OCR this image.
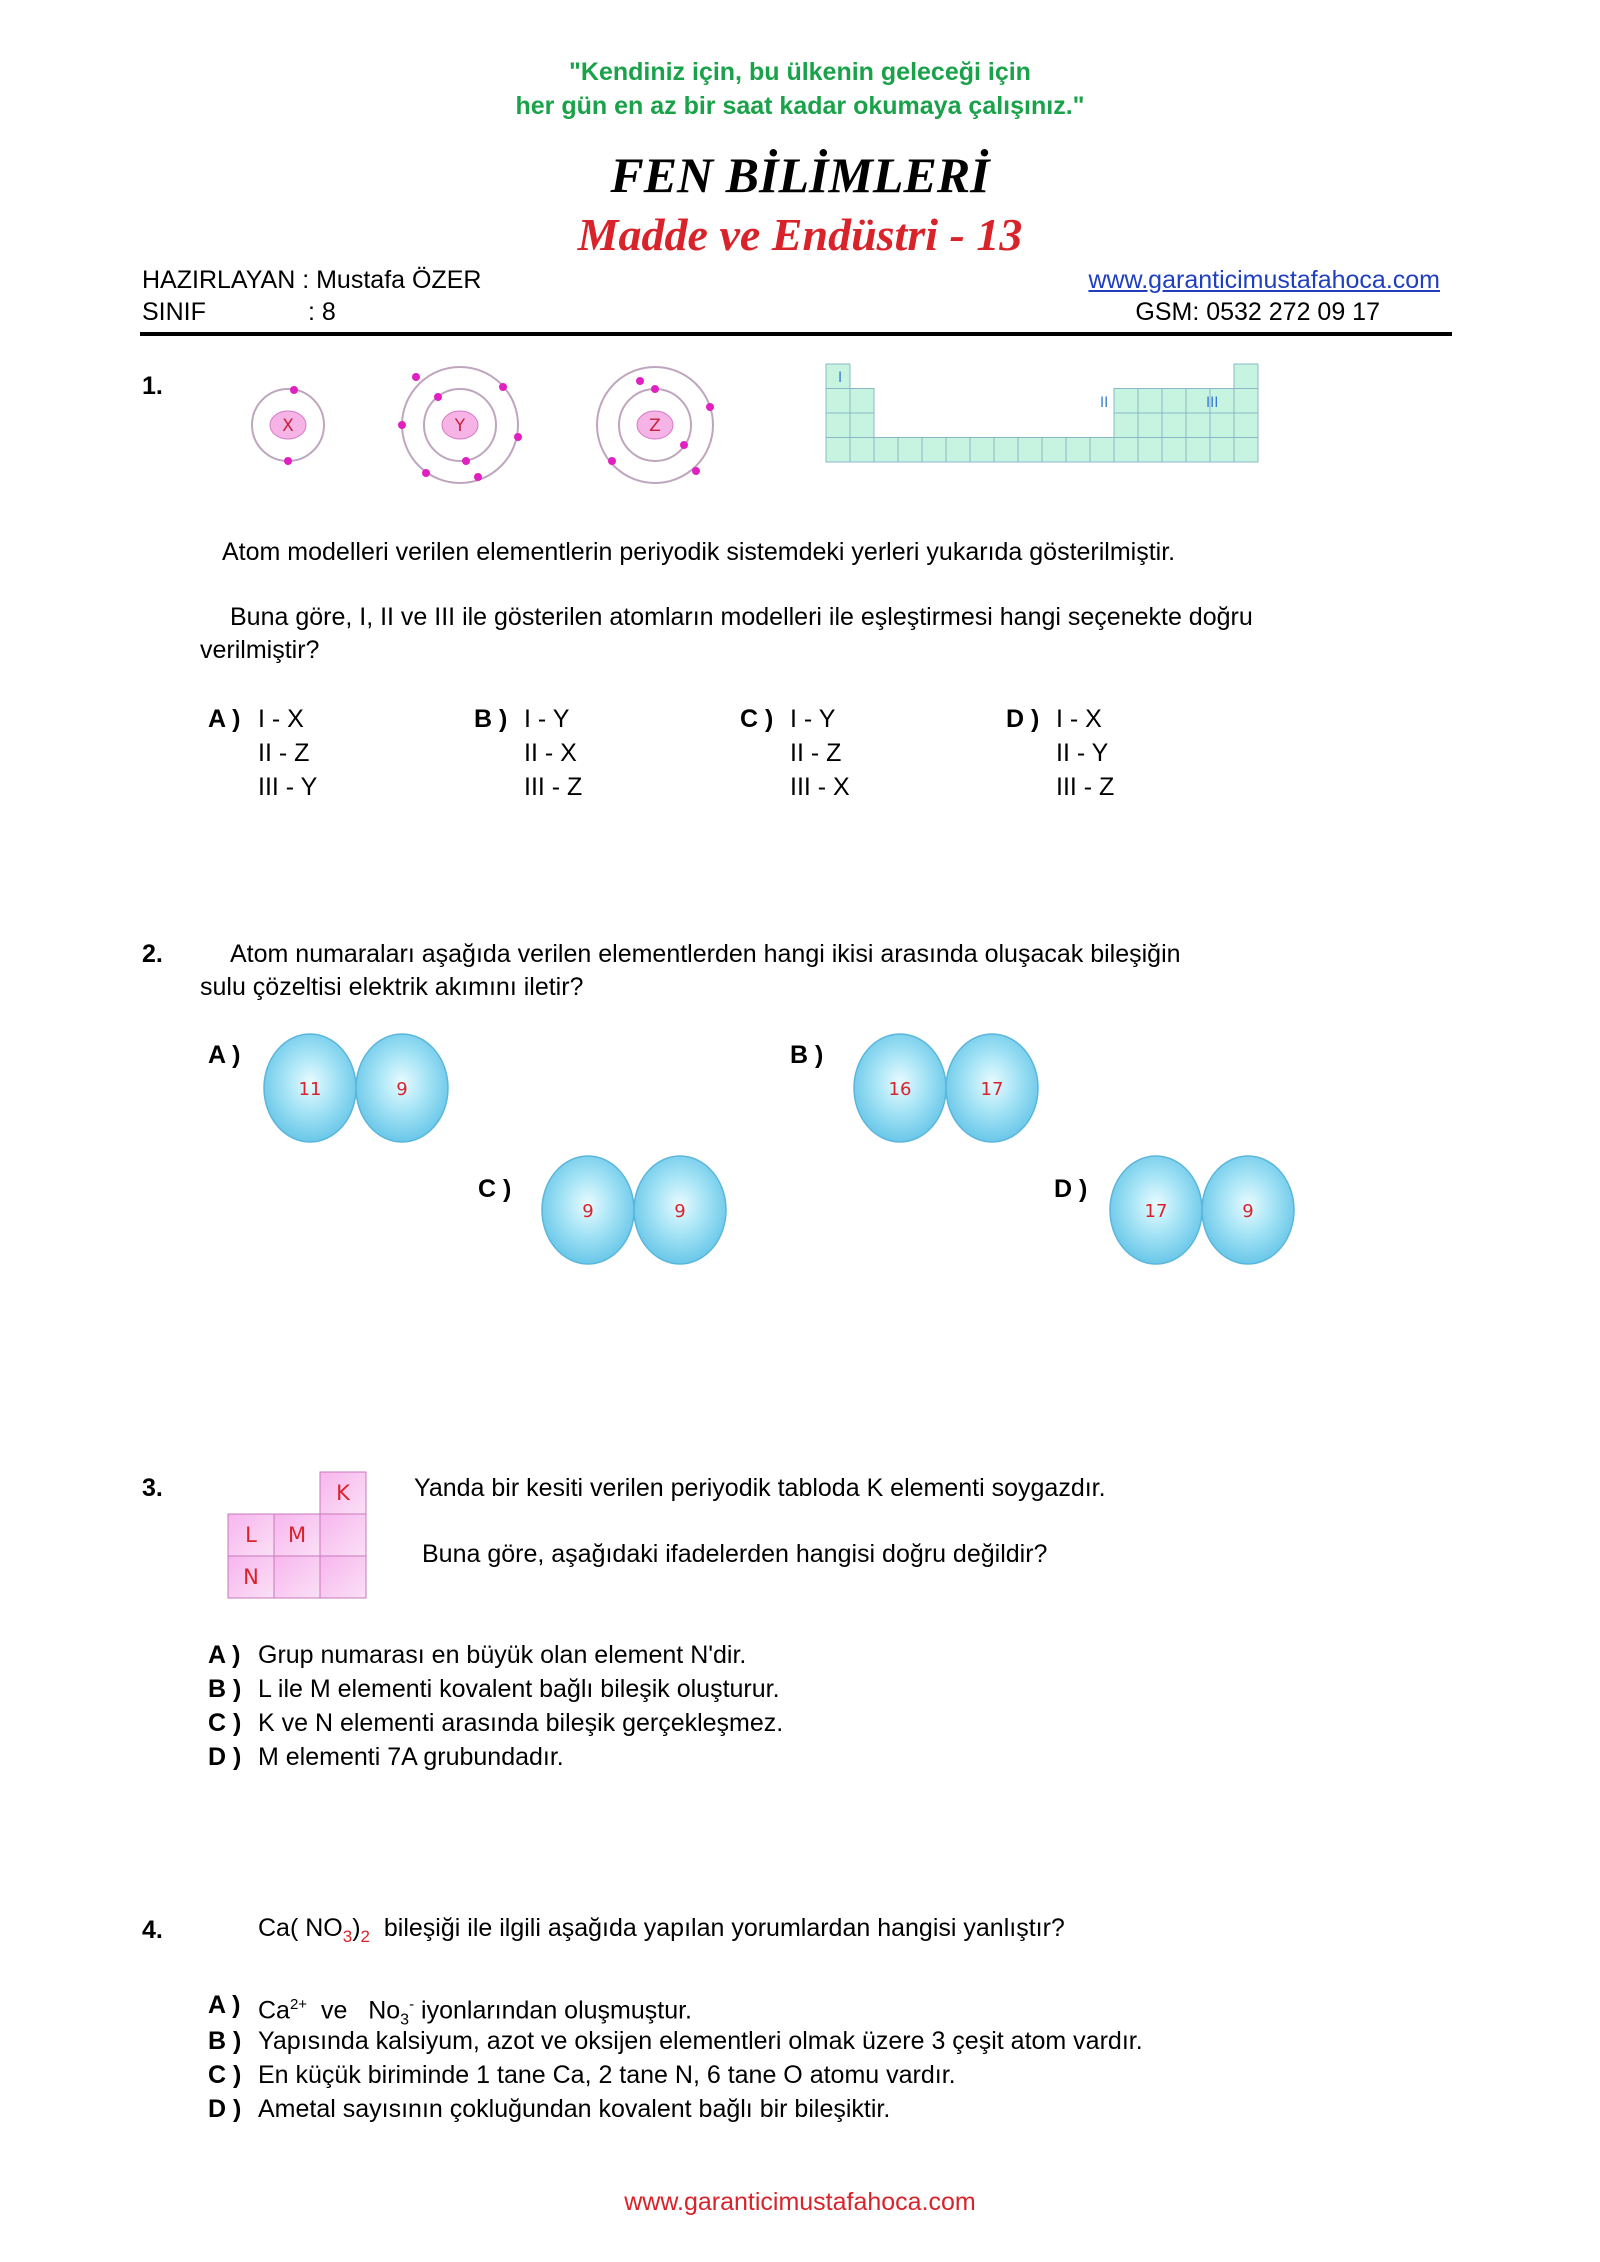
"Kendiniz için, bu ülkenin geleceği için
her gün en az bir saat kadar okumaya çalışınız."
FEN BİLİMLERİ
Madde ve Endüstri - 13
HAZIRLAYAN : Mustafa ÖZER
SINIF	: 8
www.garanticimustafahoca.com
GSM: 0532 272 09 17
1.
X	Y	Z
I
II	III
Atom modelleri verilen elementlerin periyodik sistemdeki yerleri yukarıda gösterilmiştir.
Buna göre, I, II ve III ile gösterilen atomların modelleri ile eşleştirmesi hangi seçenekte doğru
verilmiştir?
A ) I - X
II - Z
III - Y
B ) I - Y
II - X
III - Z
C ) I - Y
II - Z
III - X
D ) I - X
II - Y
III - Z
2.	Atom numaraları aşağıda verilen elementlerden hangi ikisi arasında oluşacak bileşiğin
sulu çözeltisi elektrik akımını iletir?
A )
11	9
B )
16	17
C )
9	9
D )
17	9
3.	K
L M
N
Yanda bir kesiti verilen periyodik tabloda K elementi soygazdır.
Buna göre, aşağıdaki ifadelerden hangisi doğru değildir?
A ) Grup numarası en büyük olan element N'dir.
B ) L ile M elementi kovalent bağlı bileşik oluşturur.
C ) K ve N elementi arasında bileşik gerçekleşmez.
D ) M elementi 7A grubundadır.
4.	Ca( $NO_3)_2$  bileşiği ile ilgili aşağıda yapılan yorumlardan hangisi yanlıştır?
A ) $Ca^{2+}$  ve   $No_3^-$ iyonlarından oluşmuştur.
B ) Yapısında kalsiyum, azot ve oksijen elementleri olmak üzere 3 çeşit atom vardır.
C ) En küçük biriminde 1 tane Ca, 2 tane N, 6 tane O atomu vardır.
D ) Ametal sayısının çokluğundan kovalent bağlı bir bileşiktir.
www.garanticimustafahoca.com
